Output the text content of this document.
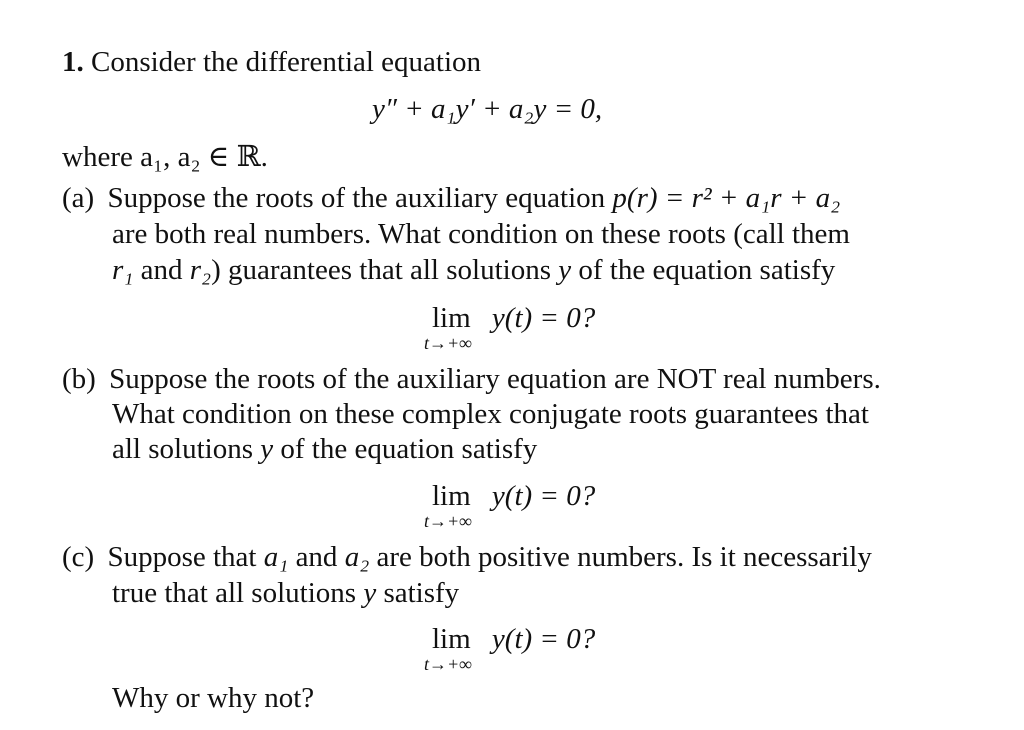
1. Consider the differential equation
y″ + a₁y′ + a₂y = 0,
where a₁, a₂ ∈ ℝ.
(a) Suppose the roots of the auxiliary equation p(r) = r² + a₁r + a₂
are both real numbers. What condition on these roots (call them
r₁ and r₂) guarantees that all solutions y of the equation satisfy
lim
t→+∞
y(t) = 0?
(b) Suppose the roots of the auxiliary equation are NOT real numbers.
What condition on these complex conjugate roots guarantees that
all solutions y of the equation satisfy
lim
t→+∞
y(t) = 0?
(c) Suppose that a₁ and a₂ are both positive numbers. Is it necessarily
true that all solutions y satisfy
lim
t→+∞
y(t) = 0?
Why or why not?
